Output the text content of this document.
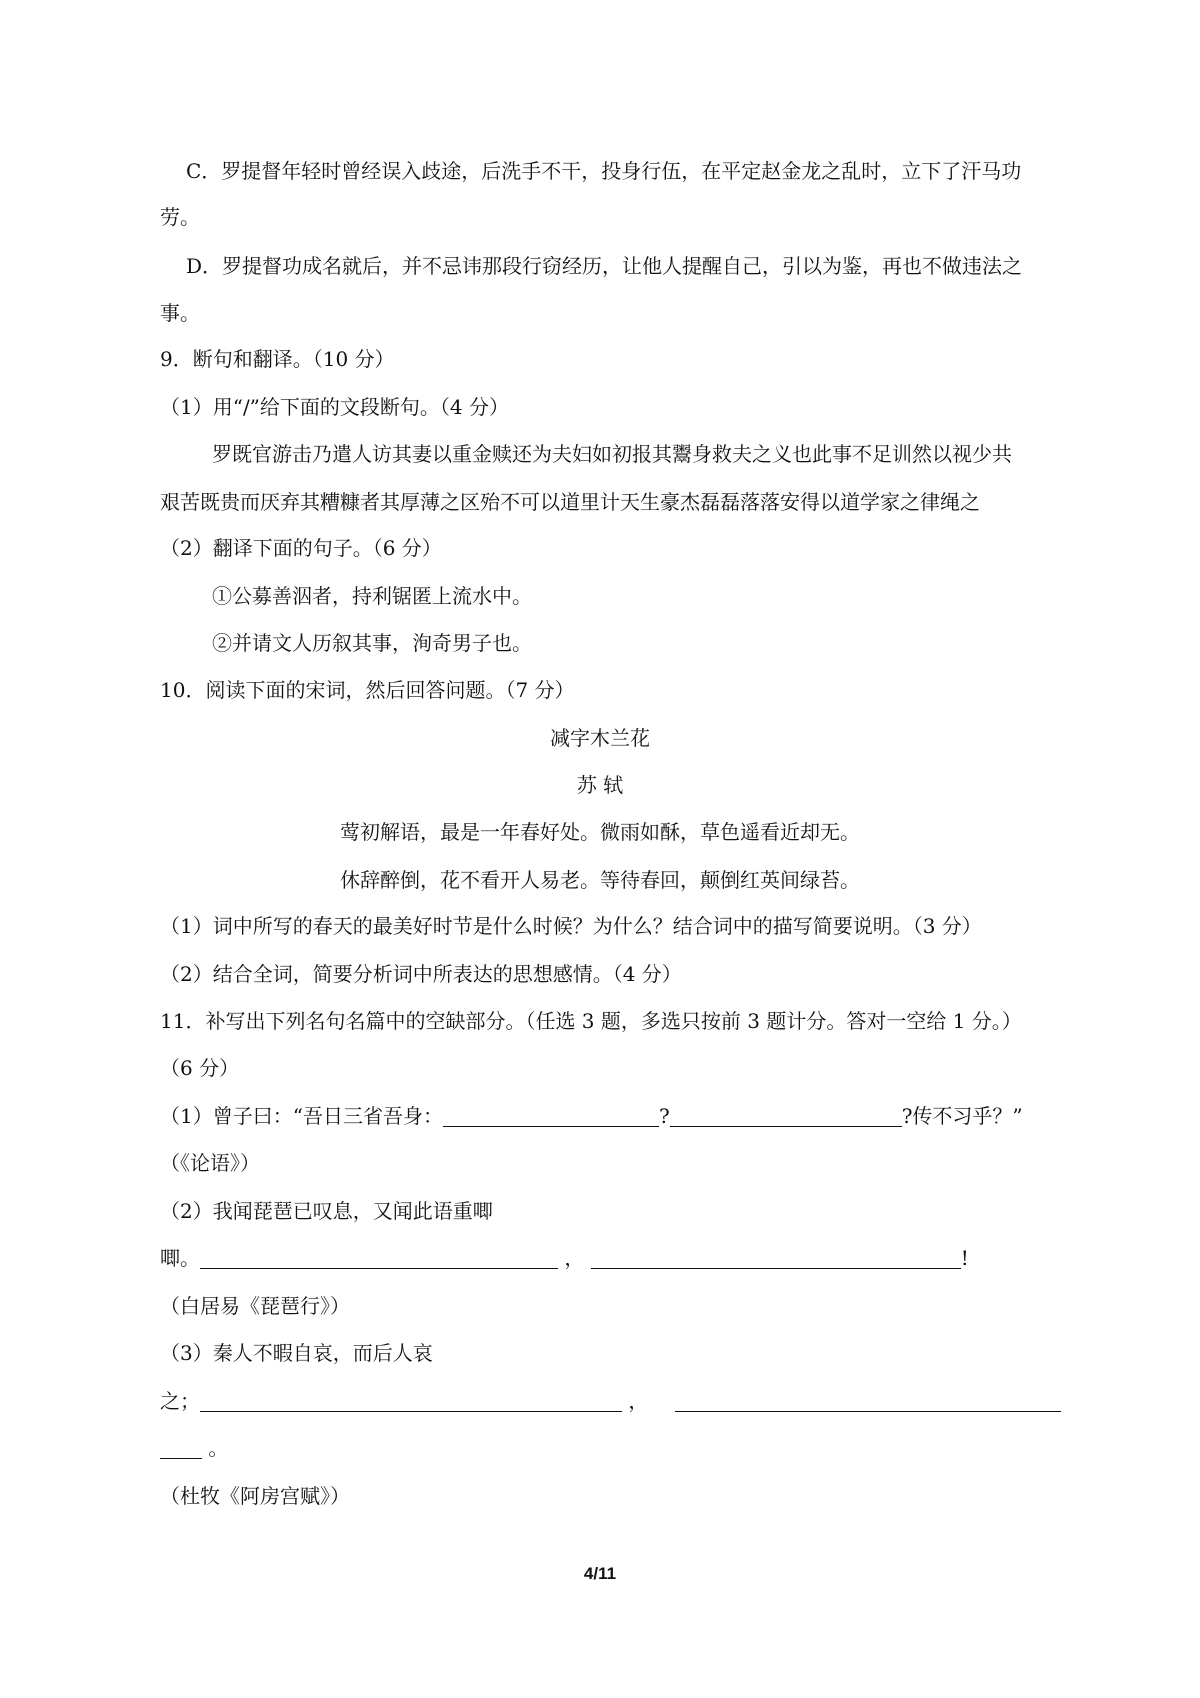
C．罗提督年轻时曾经误入歧途，后洗手不干，投身行伍，在平定赵金龙之乱时，立下了汗马功
劳。
D．罗提督功成名就后，并不忌讳那段行窃经历，让他人提醒自己，引以为鉴，再也不做违法之
事。
9．断句和翻译。（10 分）
（1）用“/”给下面的文段断句。（4 分）
罗既官游击乃遣人访其妻以重金赎还为夫妇如初报其鬻身救夫之义也此事不足训然以视少共
艰苦既贵而厌弃其糟糠者其厚薄之区殆不可以道里计天生豪杰磊磊落落安得以道学家之律绳之
（2）翻译下面的句子。（6 分）
①公募善泅者，持利锯匿上流水中。
②并请文人历叙其事，洵奇男子也。
10．阅读下面的宋词，然后回答问题。（7 分）
减字木兰花
苏 轼
莺初解语，最是一年春好处。微雨如酥，草色遥看近却无。
休辞醉倒，花不看开人易老。等待春回，颠倒红英间绿苔。
（1）词中所写的春天的最美好时节是什么时候？为什么？结合词中的描写简要说明。（3 分）
（2）结合全词，简要分析词中所表达的思想感情。（4 分）
11．补写出下列名句名篇中的空缺部分。（任选 3 题，多选只按前 3 题计分。答对一空给 1 分。）
（6 分）
（1）曾子曰：“吾日三省吾身：	?	?传不习乎？”
（《论语》）
（2）我闻琵琶已叹息，又闻此语重唧
唧。	，	!
（白居易《琵琶行》）
（3）秦人不暇自哀，而后人哀
之；	，
。
（杜牧《阿房宫赋》）
4/11
